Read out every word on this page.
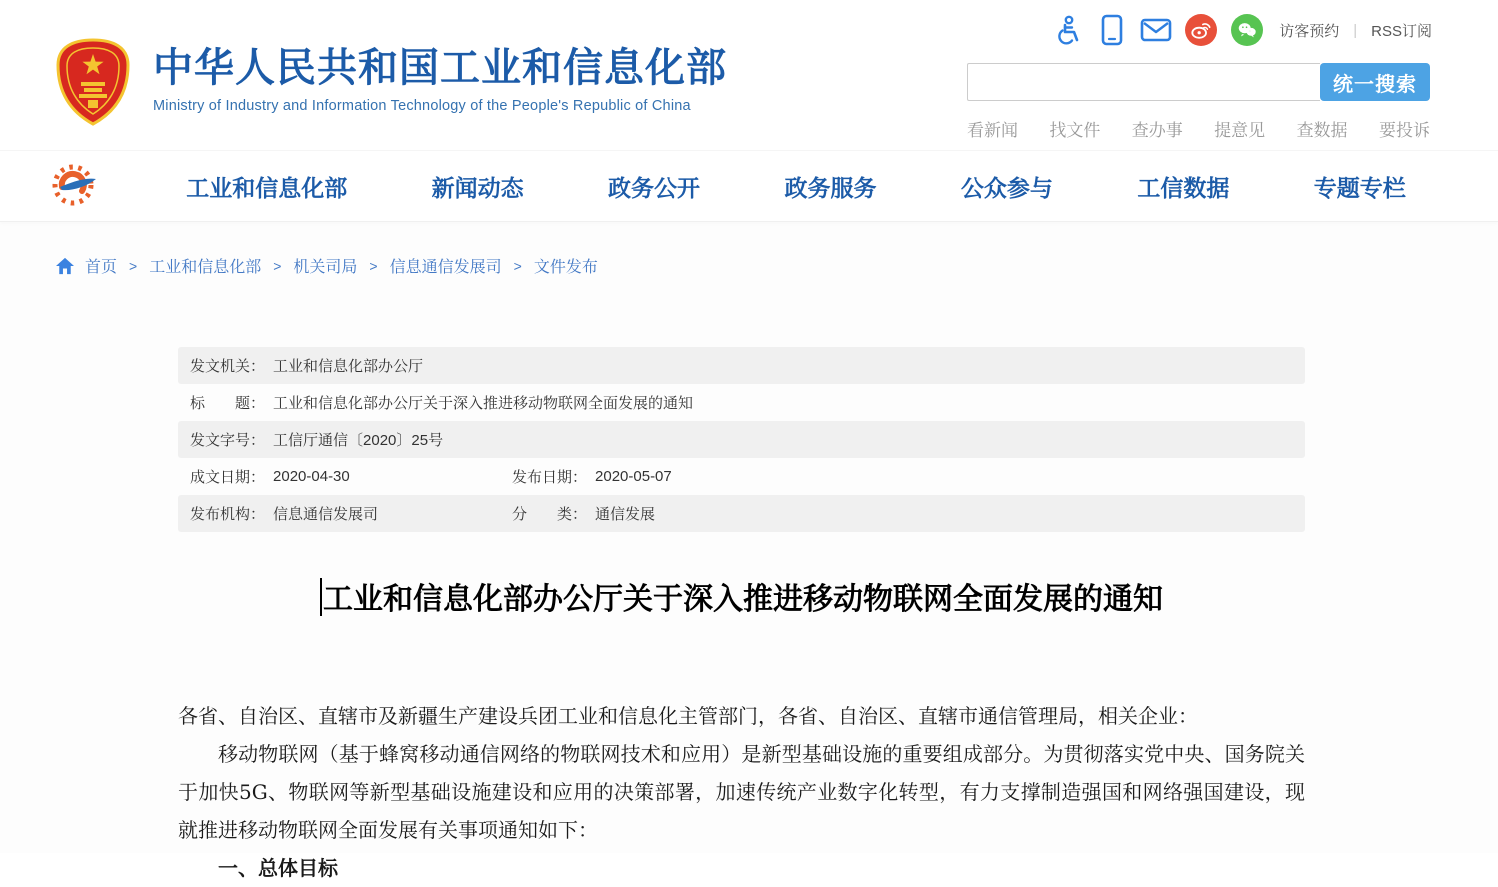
中华人民共和国工业和信息化部
Ministry of Industry and Information Technology of the People's Republic of China
访客预约 | RSS订阅
统一搜索
看新闻 找文件 查办事 提意见 查数据 要投诉
工业和信息化部	新闻动态	政务公开	政务服务	公众参与	工信数据	专题专栏
首页 > 工业和信息化部 > 机关司局 > 信息通信发展司 > 文件发布
发文机关： 工业和信息化部办公厅
标　　题： 工业和信息化部办公厅关于深入推进移动物联网全面发展的通知
发文字号： 工信厅通信〔2020〕25号
成文日期： 2020-04-30	发布日期： 2020-05-07
发布机构： 信息通信发展司	分　　类： 通信发展
工业和信息化部办公厅关于深入推进移动物联网全面发展的通知

各省、自治区、直辖市及新疆生产建设兵团工业和信息化主管部门，各省、自治区、直辖市通信管理局，相关企业：

移动物联网（基于蜂窝移动通信网络的物联网技术和应用）是新型基础设施的重要组成部分。为贯彻落实党中央、国务院关于加快5G、物联网等新型基础设施建设和应用的决策部署，加速传统产业数字化转型，有力支撑制造强国和网络强国建设，现就推进移动物联网全面发展有关事项通知如下：

一、总体目标
